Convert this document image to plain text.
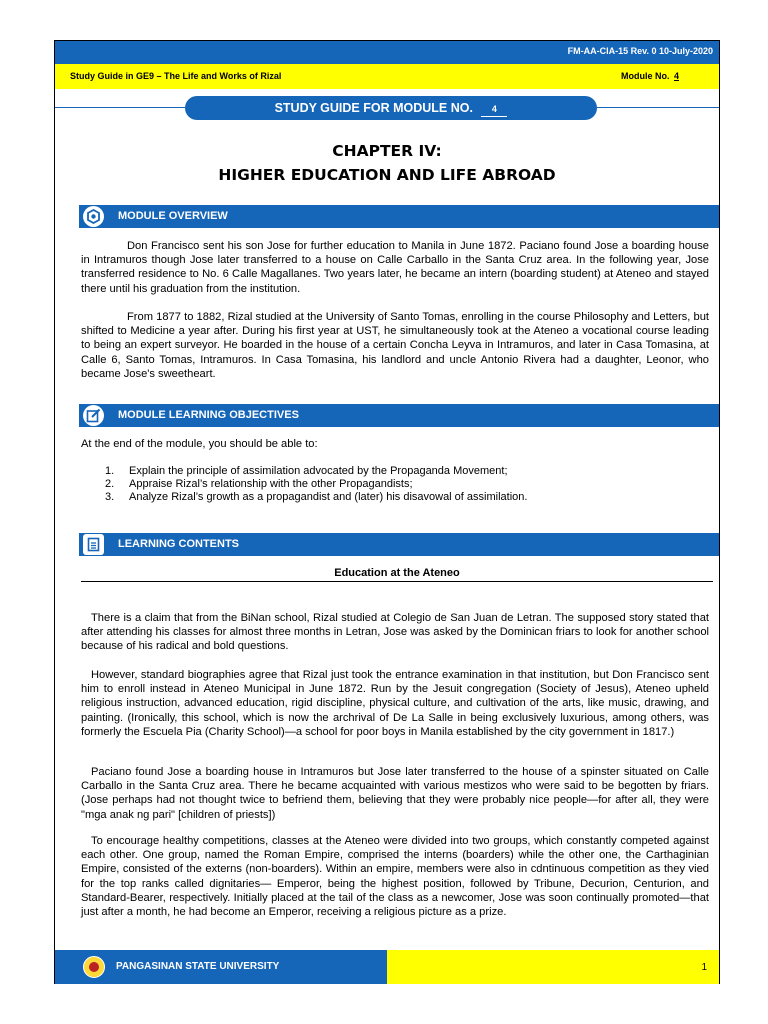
FM-AA-CIA-15 Rev. 0 10-July-2020
Study Guide in GE9 – The Life and Works of Rizal	Module No. 4
STUDY GUIDE FOR MODULE NO. 4
CHAPTER IV:
HIGHER EDUCATION AND LIFE ABROAD
MODULE OVERVIEW

Don Francisco sent his son Jose for further education to Manila in June 1872. Paciano found Jose a boarding house in Intramuros though Jose later transferred to a house on Calle Carballo in the Santa Cruz area. In the following year, Jose transferred residence to No. 6 Calle Magallanes. Two years later, he became an intern (boarding student) at Ateneo and stayed there until his graduation from the institution.

From 1877 to 1882, Rizal studied at the University of Santo Tomas, enrolling in the course Philosophy and Letters, but shifted to Medicine a year after. During his first year at UST, he simultaneously took at the Ateneo a vocational course leading to being an expert surveyor. He boarded in the house of a certain Concha Leyva in Intramuros, and later in Casa Tomasina, at Calle 6, Santo Tomas, Intramuros. In Casa Tomasina, his landlord and uncle Antonio Rivera had a daughter, Leonor, who became Jose's sweetheart.

MODULE LEARNING OBJECTIVES

At the end of the module, you should be able to:

1. Explain the principle of assimilation advocated by the Propaganda Movement;
2. Appraise Rizal’s relationship with the other Propagandists;
3. Analyze Rizal’s growth as a propagandist and (later) his disavowal of assimilation.
LEARNING CONTENTS
Education at the Ateneo

There is a claim that from the BiNan school, Rizal studied at Colegio de San Juan de Letran. The supposed story stated that after attending his classes for almost three months in Letran, Jose was asked by the Dominican friars to look for another school because of his radical and bold questions.

However, standard biographies agree that Rizal just took the entrance examination in that institution, but Don Francisco sent him to enroll instead in Ateneo Municipal in June 1872. Run by the Jesuit congregation (Society of Jesus), Ateneo upheld religious instruction, advanced education, rigid discipline, physical culture, and cultivation of the arts, like music, drawing, and painting. (Ironically, this school, which is now the archrival of De La Salle in being exclusively luxurious, among others, was formerly the Escuela Pia (Charity School)—a school for poor boys in Manila established by the city government in 1817.)

Paciano found Jose a boarding house in Intramuros but Jose later transferred to the house of a spinster situated on Calle Carballo in the Santa Cruz area. There he became acquainted with various mestizos who were said to be begotten by friars. (Jose perhaps had not thought twice to befriend them, believing that they were probably nice people—for after all, they were "mga anak ng pari" [children of priests])

To encourage healthy competitions, classes at the Ateneo were divided into two groups, which constantly competed against each other. One group, named the Roman Empire, comprised the interns (boarders) while the other one, the Carthaginian Empire, consisted of the externs (non-boarders). Within an empire, members were also in cdntinuous competition as they vied for the top ranks called dignitaries— Emperor, being the highest position, followed by Tribune, Decurion, Centurion, and Standard-Bearer, respectively. Initially placed at the tail of the class as a newcomer, Jose was soon continually promoted—that just after a month, he had become an Emperor, receiving a religious picture as a prize.

PANGASINAN STATE UNIVERSITY	1
